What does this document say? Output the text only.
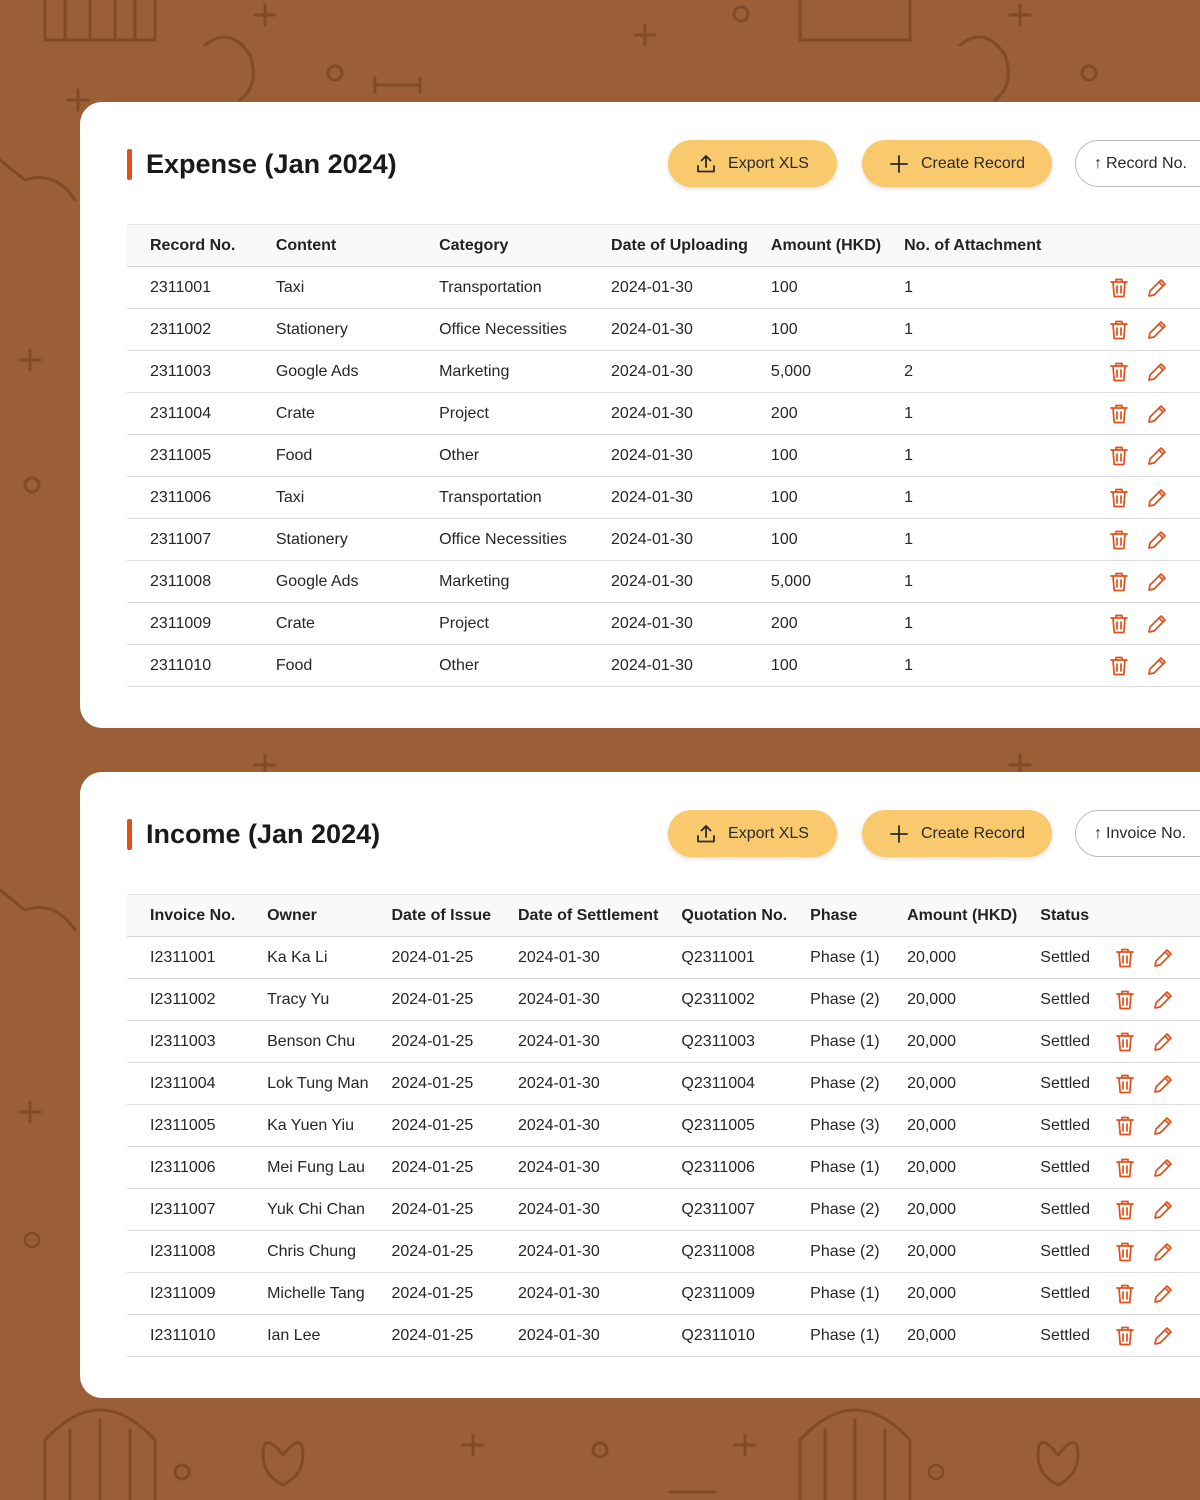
Expense (Jan 2024)	Export XLS	Create Record	↑ Record No.
Record No.	Content	Category	Date of Uploading	Amount (HKD)	No. of Attachment	
2311001	Taxi	Transportation	2024-01-30	100	1	

2311002	Stationery	Office Necessities	2024-01-30	100	1	

2311003	Google Ads	Marketing	2024-01-30	5,000	2	

2311004	Crate	Project	2024-01-30	200	1	

2311005	Food	Other	2024-01-30	100	1	

2311006	Taxi	Transportation	2024-01-30	100	1	

2311007	Stationery	Office Necessities	2024-01-30	100	1	

2311008	Google Ads	Marketing	2024-01-30	5,000	1	

2311009	Crate	Project	2024-01-30	200	1	

2311010	Food	Other	2024-01-30	100	1	
Income (Jan 2024)	Export XLS	Create Record	↑ Invoice No.
Invoice No.	Owner	Date of Issue	Date of Settlement	Quotation No.	Phase	Amount (HKD)	Status	
I2311001	Ka Ka Li	2024-01-25	2024-01-30	Q2311001	Phase (1)	20,000	Settled	

I2311002	Tracy Yu	2024-01-25	2024-01-30	Q2311002	Phase (2)	20,000	Settled	

I2311003	Benson Chu	2024-01-25	2024-01-30	Q2311003	Phase (1)	20,000	Settled	

I2311004	Lok Tung Man	2024-01-25	2024-01-30	Q2311004	Phase (2)	20,000	Settled	

I2311005	Ka Yuen Yiu	2024-01-25	2024-01-30	Q2311005	Phase (3)	20,000	Settled	

I2311006	Mei Fung Lau	2024-01-25	2024-01-30	Q2311006	Phase (1)	20,000	Settled	

I2311007	Yuk Chi Chan	2024-01-25	2024-01-30	Q2311007	Phase (2)	20,000	Settled	

I2311008	Chris Chung	2024-01-25	2024-01-30	Q2311008	Phase (2)	20,000	Settled	

I2311009	Michelle Tang	2024-01-25	2024-01-30	Q2311009	Phase (1)	20,000	Settled	

I2311010	Ian Lee	2024-01-25	2024-01-30	Q2311010	Phase (1)	20,000	Settled	
